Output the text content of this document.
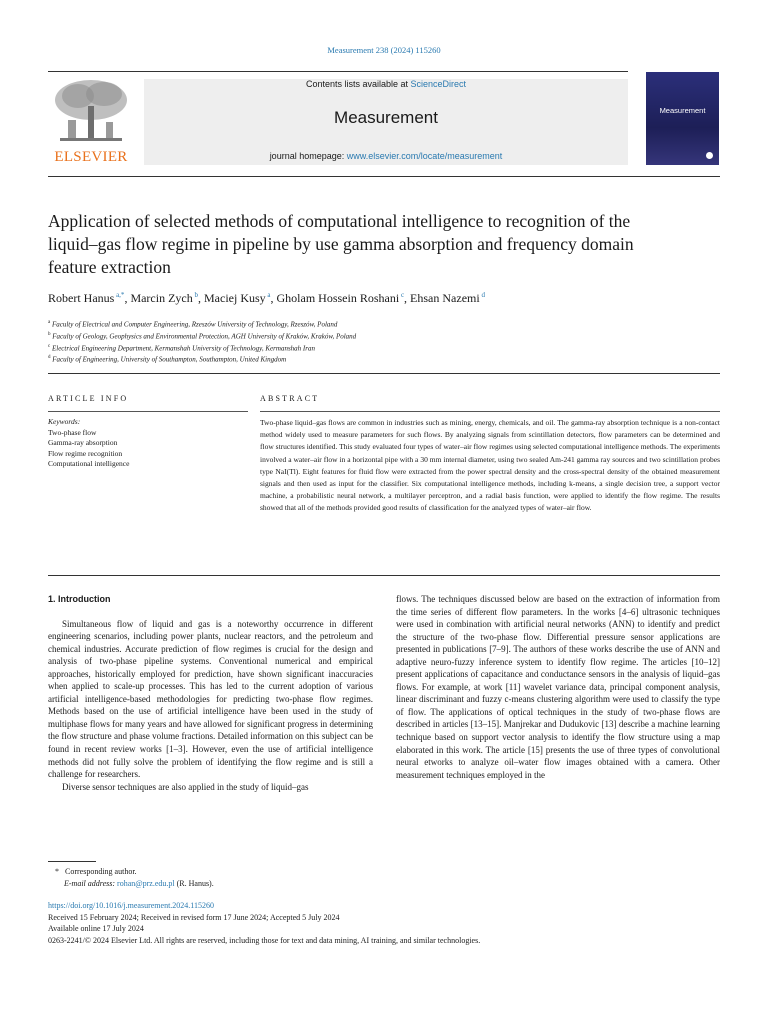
Measurement 238 (2024) 115260
ELSEVIER
Contents lists available at ScienceDirect
Measurement
journal homepage: www.elsevier.com/locate/measurement
Measurement
Application of selected methods of computational intelligence to recognition of the liquid–gas flow regime in pipeline by use gamma absorption and frequency domain feature extraction
Robert Hanus $^{a,*}$, Marcin Zych $^b$, Maciej Kusy $^a$, Gholam Hossein Roshani $^c$, Ehsan Nazemi $^d$
$^a$ Faculty of Electrical and Computer Engineering, Rzeszów University of Technology, Rzeszów, Poland
$^b$ Faculty of Geology, Geophysics and Environmental Protection, AGH University of Kraków, Kraków, Poland
$^c$ Electrical Engineering Department, Kermanshah University of Technology, Kermanshah Iran
$^d$ Faculty of Engineering, University of Southampton, Southampton, United Kingdom
ARTICLE INFO	ABSTRACT
Keywords:
Two-phase flow
Gamma-ray absorption
Flow regime recognition
Computational intelligence
Two-phase liquid–gas flows are common in industries such as mining, energy, chemicals, and oil. The gamma-ray absorption technique is a non-contact method widely used to measure parameters for such flows. By analyzing signals from scintillation detectors, flow parameters can be determined and flow structures identified. This study evaluated four types of water–air flow regimes using selected computational intelligence methods. The experiments involved a water–air flow in a horizontal pipe with a 30 mm internal diameter, using two sealed Am-241 gamma ray sources and two scintillation probes type NaI(Tl). Eight features for fluid flow were extracted from the power spectral density and the cross-spectral density of the obtained measurement signals and then used as input for the classifier. Six computational intelligence methods, including k-means, a single decision tree, a support vector machine, a probabilistic neural network, a multilayer perceptron, and a radial basis function, were applied to identify the flow regime. The results showed that all of the methods provided good results of classification for the analyzed types of water–air flow.
1. Introduction

Simultaneous flow of liquid and gas is a noteworthy occurrence in different engineering scenarios, including power plants, nuclear reactors, and the petroleum and chemical industries. Accurate prediction of flow regimes is crucial for the design and analysis of two-phase pipeline systems. Conventional numerical and empirical approaches, historically employed for prediction, have shown significant inaccuracies when applied to scale-up processes. This has led to the current adoption of various artificial intelligence-based methodologies for predicting two-phase flow regimes. Methods based on the use of artificial intelligence have been used in the study of multiphase flows for many years and have allowed for significant progress in determining the flow structure and phase volume fractions. Detailed information on this subject can be found in recent review works [1–3]. However, even the use of artificial intelligence methods did not fully solve the problem of identifying the flow regime and is still a challenge for researchers.

Diverse sensor techniques are also applied in the study of liquid–gas

flows. The techniques discussed below are based on the extraction of information from the time series of different flow parameters. In the works [4–6] ultrasonic techniques were used in combination with artificial neural networks (ANN) to identify and predict the structure of the two-phase flow. Differential pressure sensor applications are presented in publications [7–9]. The authors of these works describe the use of ANN and adaptive neuro-fuzzy inference system to identify flow regime. The articles [10–12] present applications of capacitance and conductance sensors in the analysis of liquid–gas flows. For example, at work [11] wavelet variance data, principal component analysis, linear discriminant and fuzzy c-means clustering algorithm were used to classify the type of flow. The applications of optical techniques in the study of two-phase flows are described in articles [13–15]. Manjrekar and Dudukovic [13] describe a machine learning technique based on support vector analysis to identify the flow structure using a map elaborated in this work. The article [15] presents the use of three types of convolutional neural etworks to analyze oil–water flow images obtained with a camera. Other measurement techniques employed in the

* Corresponding author.
E-mail address: rohan@prz.edu.pl (R. Hanus).
https://doi.org/10.1016/j.measurement.2024.115260
Received 15 February 2024; Received in revised form 17 June 2024; Accepted 5 July 2024
Available online 17 July 2024
0263-2241/© 2024 Elsevier Ltd. All rights are reserved, including those for text and data mining, AI training, and similar technologies.
